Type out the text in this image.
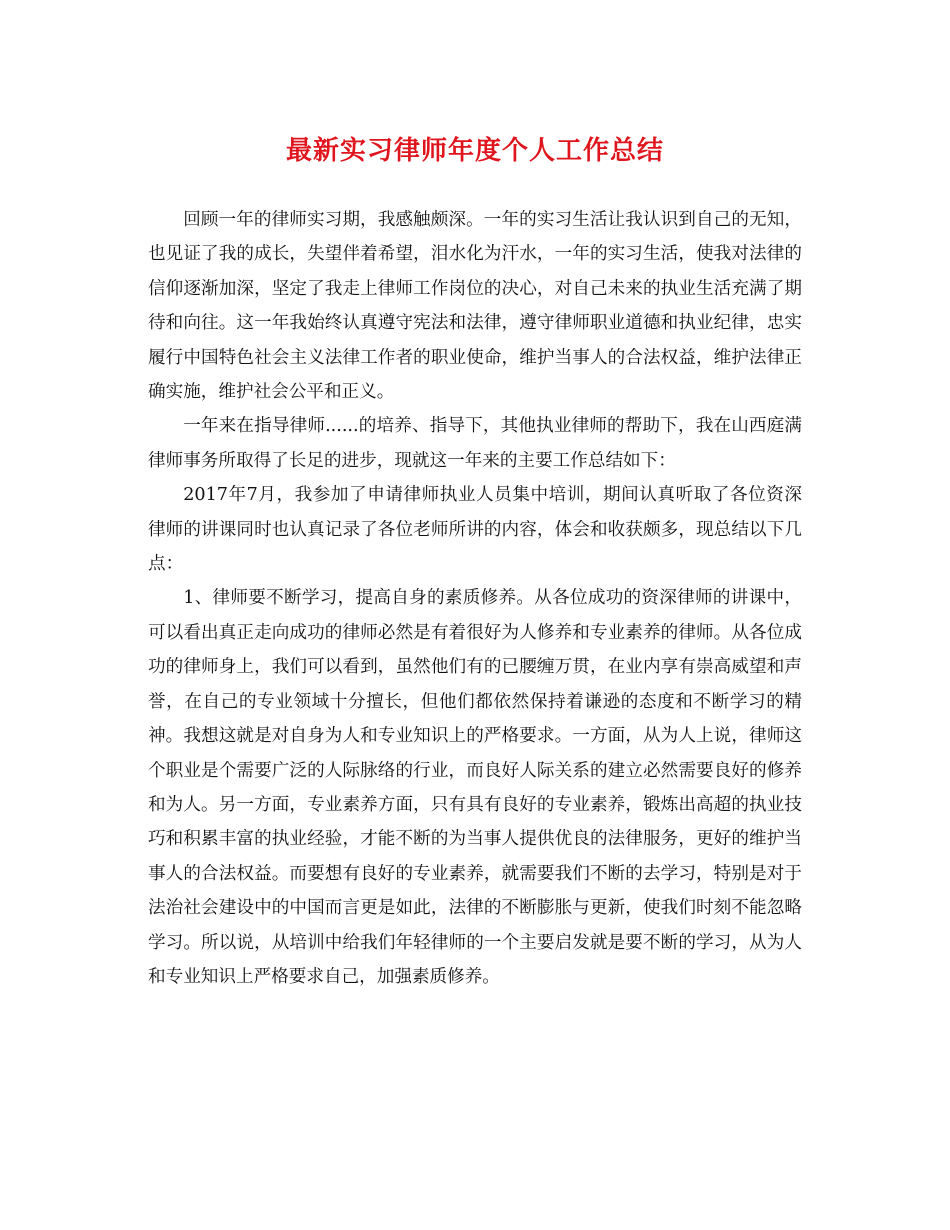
最新实习律师年度个人工作总结

回顾一年的律师实习期，我感触颇深。一年的实习生活让我认识到自己的无知，也见证了我的成长，失望伴着希望，泪水化为汗水，一年的实习生活，使我对法律的信仰逐渐加深，坚定了我走上律师工作岗位的决心，对自己未来的执业生活充满了期待和向往。这一年我始终认真遵守宪法和法律，遵守律师职业道德和执业纪律，忠实履行中国特色社会主义法律工作者的职业使命，维护当事人的合法权益，维护法律正确实施，维护社会公平和正义。

一年来在指导律师......的培养、指导下，其他执业律师的帮助下，我在山西庭满律师事务所取得了长足的进步，现就这一年来的主要工作总结如下：

2017年7月，我参加了申请律师执业人员集中培训，期间认真听取了各位资深律师的讲课同时也认真记录了各位老师所讲的内容，体会和收获颇多，现总结以下几点：

1、律师要不断学习，提高自身的素质修养。从各位成功的资深律师的讲课中，可以看出真正走向成功的律师必然是有着很好为人修养和专业素养的律师。从各位成功的律师身上，我们可以看到，虽然他们有的已腰缠万贯，在业内享有崇高威望和声誉，在自己的专业领域十分擅长，但他们都依然保持着谦逊的态度和不断学习的精神。我想这就是对自身为人和专业知识上的严格要求。一方面，从为人上说，律师这个职业是个需要广泛的人际脉络的行业，而良好人际关系的建立必然需要良好的修养和为人。另一方面，专业素养方面，只有具有良好的专业素养，锻炼出高超的执业技巧和积累丰富的执业经验，才能不断的为当事人提供优良的法律服务，更好的维护当事人的合法权益。而要想有良好的专业素养，就需要我们不断的去学习，特别是对于法治社会建设中的中国而言更是如此，法律的不断膨胀与更新，使我们时刻不能忽略学习。所以说，从培训中给我们年轻律师的一个主要启发就是要不断的学习，从为人和专业知识上严格要求自己，加强素质修养。
